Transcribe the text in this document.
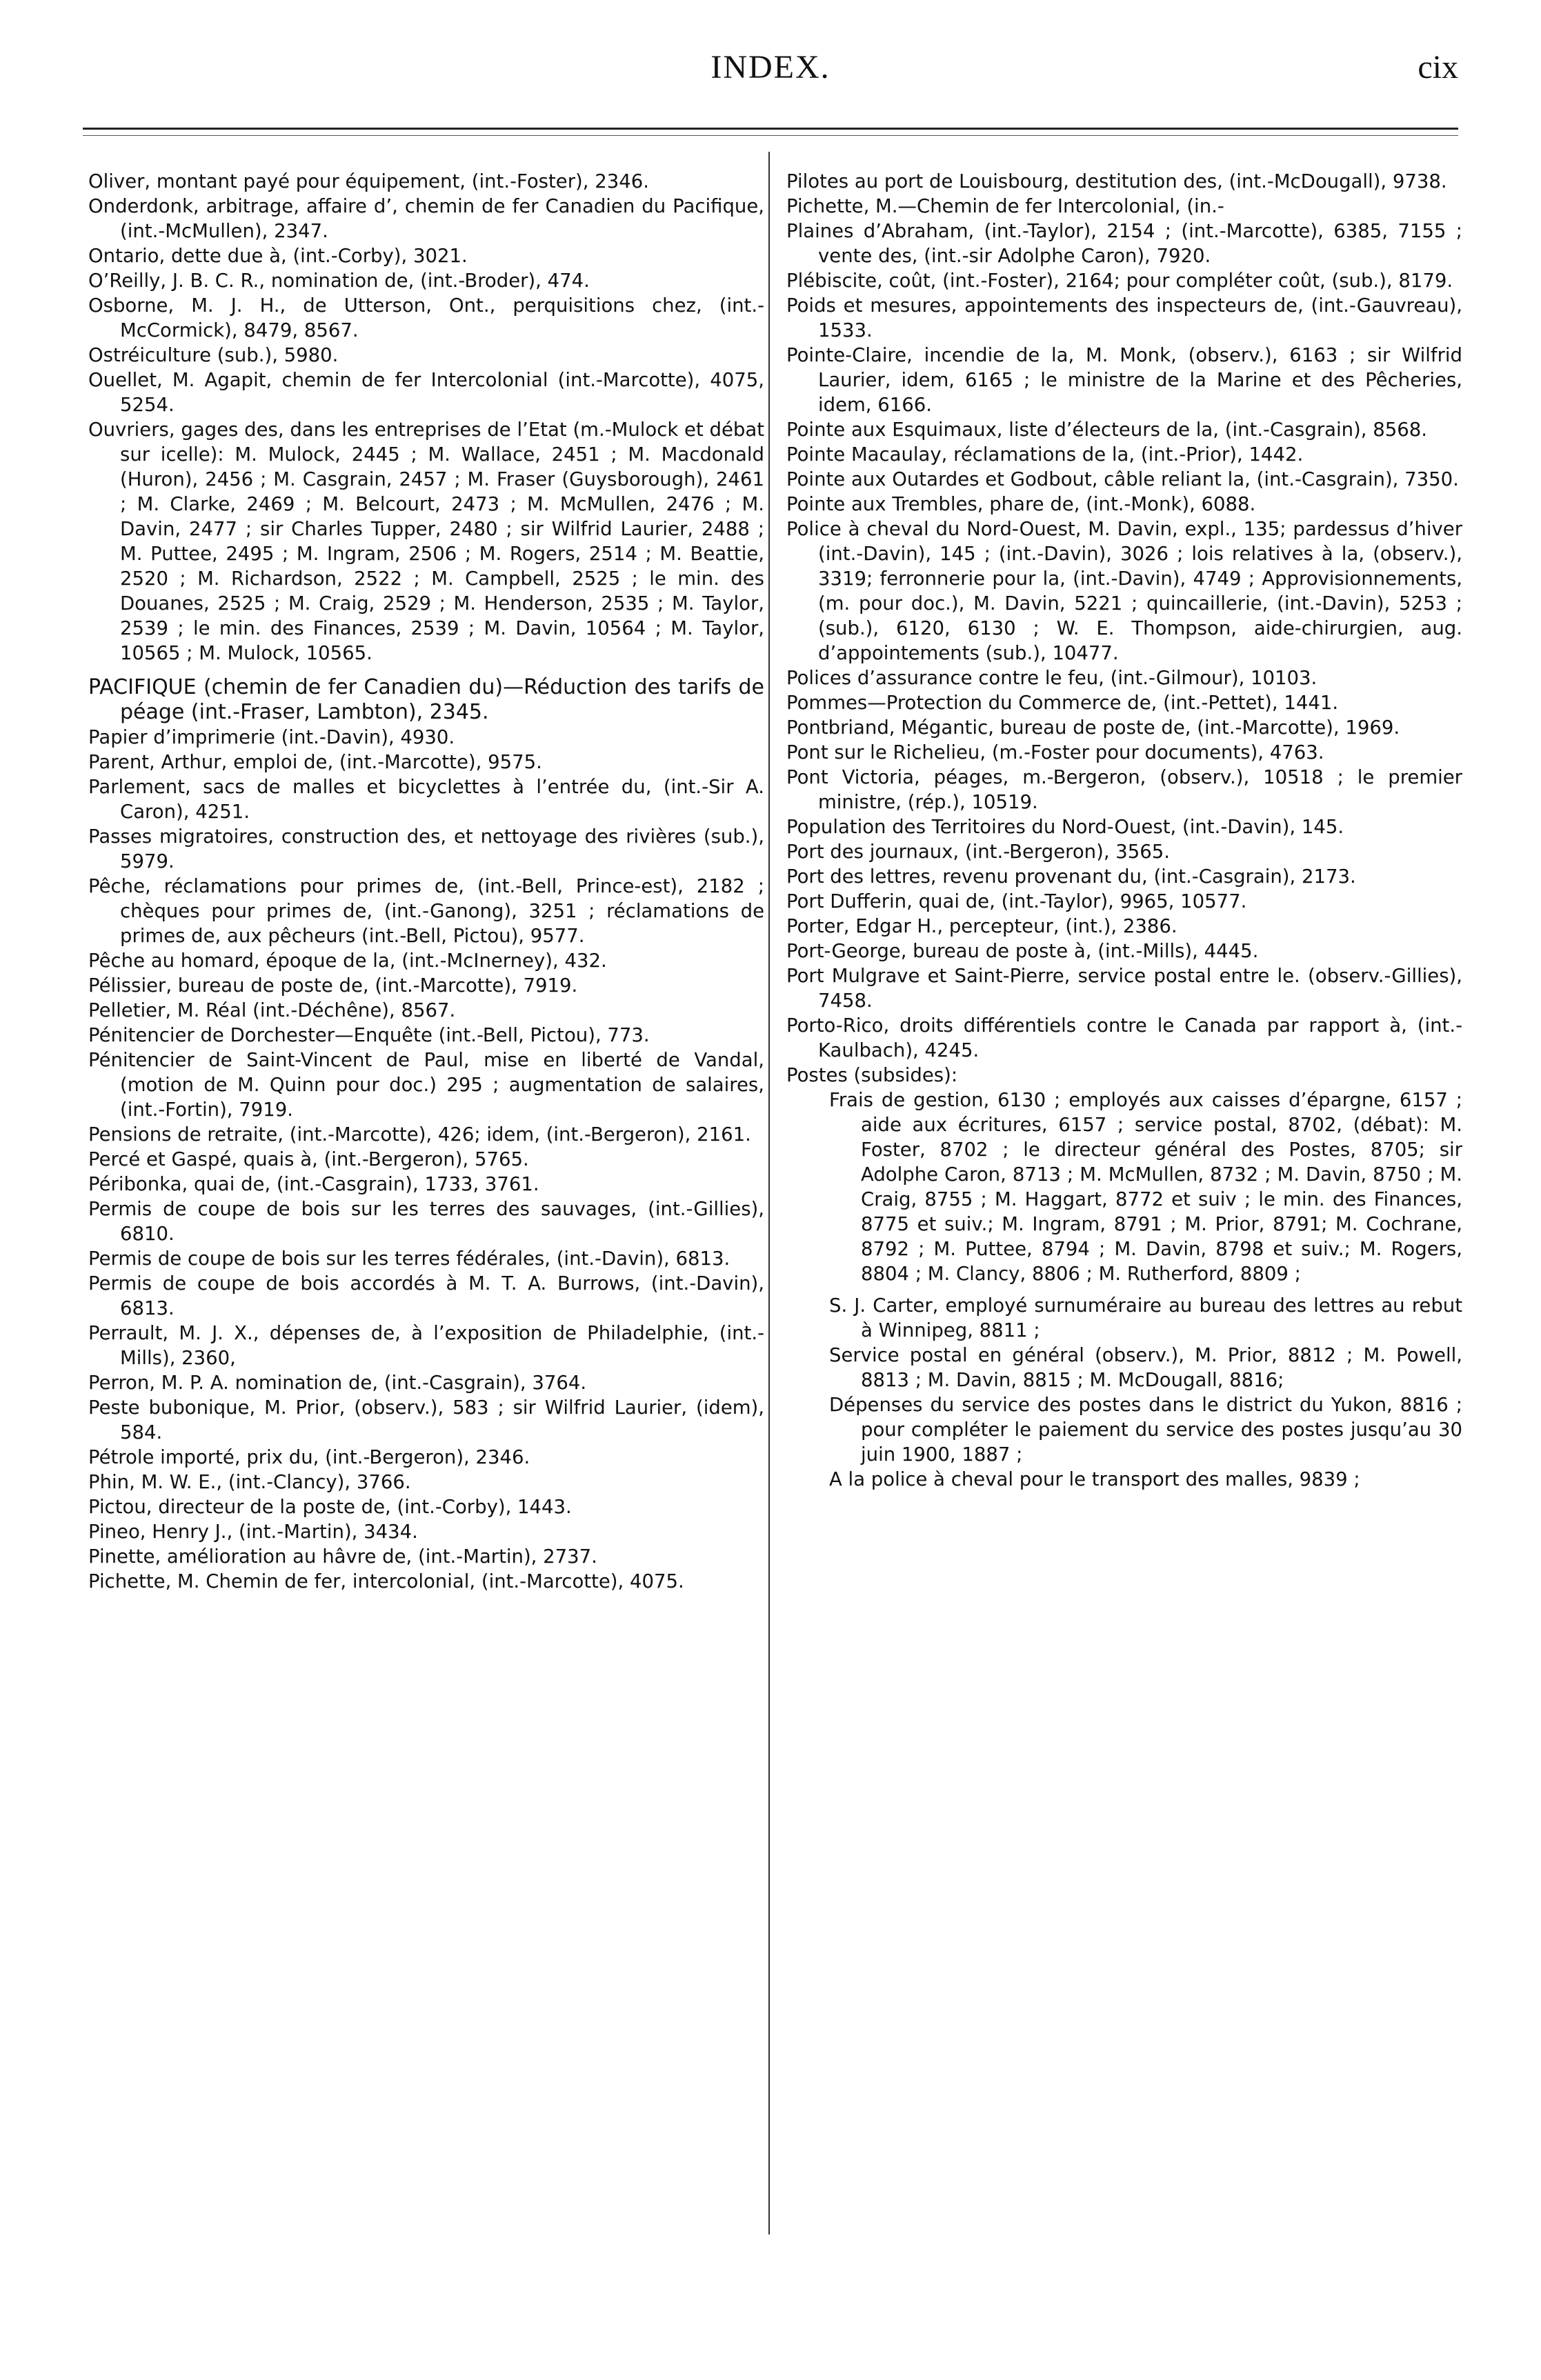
INDEX.	cix

Oliver, montant payé pour équipement, (int.-Foster), 2346.

Onderdonk, arbitrage, affaire d’, chemin de fer Canadien du Pacifique, (int.-McMullen), 2347.

Ontario, dette due à, (int.-Corby), 3021.

O’Reilly, J. B. C. R., nomination de, (int.-Broder), 474.

Osborne, M. J. H., de Utterson, Ont., perquisitions chez, (int.-McCormick), 8479, 8567.

Ostréiculture (sub.), 5980.

Ouellet, M. Agapit, chemin de fer Intercolonial (int.-Marcotte), 4075, 5254.

Ouvriers, gages des, dans les entreprises de l’Etat (m.-Mulock et débat sur icelle): M. Mulock, 2445 ; M. Wallace, 2451 ; M. Macdonald (Huron), 2456 ; M. Casgrain, 2457 ; M. Fraser (Guysborough), 2461 ; M. Clarke, 2469 ; M. Belcourt, 2473 ; M. McMullen, 2476 ; M. Davin, 2477 ; sir Charles Tupper, 2480 ; sir Wilfrid Laurier, 2488 ; M. Puttee, 2495 ; M. Ingram, 2506 ; M. Rogers, 2514 ; M. Beattie, 2520 ; M. Richardson, 2522 ; M. Campbell, 2525 ; le min. des Douanes, 2525 ; M. Craig, 2529 ; M. Henderson, 2535 ; M. Taylor, 2539 ; le min. des Finances, 2539 ; M. Davin, 10564 ; M. Taylor, 10565 ; M. Mulock, 10565.

PACIFIQUE (chemin de fer Canadien du)—Réduction des tarifs de péage (int.-Fraser, Lambton), 2345.

Papier d’imprimerie (int.-Davin), 4930.

Parent, Arthur, emploi de, (int.-Marcotte), 9575.

Parlement, sacs de malles et bicyclettes à l’entrée du, (int.-Sir A. Caron), 4251.

Passes migratoires, construction des, et nettoyage des rivières (sub.), 5979.

Pêche, réclamations pour primes de, (int.-Bell, Prince-est), 2182 ; chèques pour primes de, (int.-Ganong), 3251 ; réclamations de primes de, aux pêcheurs (int.-Bell, Pictou), 9577.

Pêche au homard, époque de la, (int.-McInerney), 432.

Pélissier, bureau de poste de, (int.-Marcotte), 7919.

Pelletier, M. Réal (int.-Déchêne), 8567.

Pénitencier de Dorchester—Enquête (int.-Bell, Pictou), 773.

Pénitencier de Saint-Vincent de Paul, mise en liberté de Vandal, (motion de M. Quinn pour doc.) 295 ; augmentation de salaires, (int.-Fortin), 7919.

Pensions de retraite, (int.-Marcotte), 426; idem, (int.-Bergeron), 2161.

Percé et Gaspé, quais à, (int.-Bergeron), 5765.

Péribonka, quai de, (int.-Casgrain), 1733, 3761.

Permis de coupe de bois sur les terres des sauvages, (int.-Gillies), 6810.

Permis de coupe de bois sur les terres fédérales, (int.-Davin), 6813.

Permis de coupe de bois accordés à M. T. A. Burrows, (int.-Davin), 6813.

Perrault, M. J. X., dépenses de, à l’exposition de Philadelphie, (int.-Mills), 2360,

Perron, M. P. A. nomination de, (int.-Casgrain), 3764.

Peste bubonique, M. Prior, (observ.), 583 ; sir Wilfrid Laurier, (idem), 584.

Pétrole importé, prix du, (int.-Bergeron), 2346.

Phin, M. W. E., (int.-Clancy), 3766.

Pictou, directeur de la poste de, (int.-Corby), 1443.

Pineo, Henry J., (int.-Martin), 3434.

Pinette, amélioration au hâvre de, (int.-Martin), 2737.

Pichette, M. Chemin de fer, intercolonial, (int.-Marcotte), 4075.

Pilotes au port de Louisbourg, destitution des, (int.-McDougall), 9738.

Pichette, M.—Chemin de fer Intercolonial, (in.-

Plaines d’Abraham, (int.-Taylor), 2154 ; (int.-Marcotte), 6385, 7155 ; vente des, (int.-sir Adolphe Caron), 7920.

Plébiscite, coût, (int.-Foster), 2164; pour compléter coût, (sub.), 8179.

Poids et mesures, appointements des inspecteurs de, (int.-Gauvreau), 1533.

Pointe-Claire, incendie de la, M. Monk, (observ.), 6163 ; sir Wilfrid Laurier, idem, 6165 ; le ministre de la Marine et des Pêcheries, idem, 6166.

Pointe aux Esquimaux, liste d’électeurs de la, (int.-Casgrain), 8568.

Pointe Macaulay, réclamations de la, (int.-Prior), 1442.

Pointe aux Outardes et Godbout, câble reliant la, (int.-Casgrain), 7350.

Pointe aux Trembles, phare de, (int.-Monk), 6088.

Police à cheval du Nord-Ouest, M. Davin, expl., 135; pardessus d’hiver (int.-Davin), 145 ; (int.-Davin), 3026 ; lois relatives à la, (observ.), 3319; ferronnerie pour la, (int.-Davin), 4749 ; Approvisionnements, (m. pour doc.), M. Davin, 5221 ; quincaillerie, (int.-Davin), 5253 ; (sub.), 6120, 6130 ; W. E. Thompson, aide-chirurgien, aug. d’appointements (sub.), 10477.

Polices d’assurance contre le feu, (int.-Gilmour), 10103.

Pommes—Protection du Commerce de, (int.-Pettet), 1441.

Pontbriand, Mégantic, bureau de poste de, (int.-Marcotte), 1969.

Pont sur le Richelieu, (m.-Foster pour documents), 4763.

Pont Victoria, péages, m.-Bergeron, (observ.), 10518 ; le premier ministre, (rép.), 10519.

Population des Territoires du Nord-Ouest, (int.-Davin), 145.

Port des journaux, (int.-Bergeron), 3565.

Port des lettres, revenu provenant du, (int.-Casgrain), 2173.

Port Dufferin, quai de, (int.-Taylor), 9965, 10577.

Porter, Edgar H., percepteur, (int.), 2386.

Port-George, bureau de poste à, (int.-Mills), 4445.

Port Mulgrave et Saint-Pierre, service postal entre le. (observ.-Gillies), 7458.

Porto-Rico, droits différentiels contre le Canada par rapport à, (int.-Kaulbach), 4245.

Postes (subsides):

Frais de gestion, 6130 ; employés aux caisses d’épargne, 6157 ; aide aux écritures, 6157 ; service postal, 8702, (débat): M. Foster, 8702 ; le directeur général des Postes, 8705; sir Adolphe Caron, 8713 ; M. McMullen, 8732 ; M. Davin, 8750 ; M. Craig, 8755 ; M. Haggart, 8772 et suiv ; le min. des Finances, 8775 et suiv.; M. Ingram, 8791 ; M. Prior, 8791; M. Cochrane, 8792 ; M. Puttee, 8794 ; M. Davin, 8798 et suiv.; M. Rogers, 8804 ; M. Clancy, 8806 ; M. Rutherford, 8809 ;

S. J. Carter, employé surnuméraire au bureau des lettres au rebut à Winnipeg, 8811 ;

Service postal en général (observ.), M. Prior, 8812 ; M. Powell, 8813 ; M. Davin, 8815 ; M. McDougall, 8816;

Dépenses du service des postes dans le district du Yukon, 8816 ; pour compléter le paiement du service des postes jusqu’au 30 juin 1900, 1887 ;

A la police à cheval pour le transport des malles, 9839 ;
